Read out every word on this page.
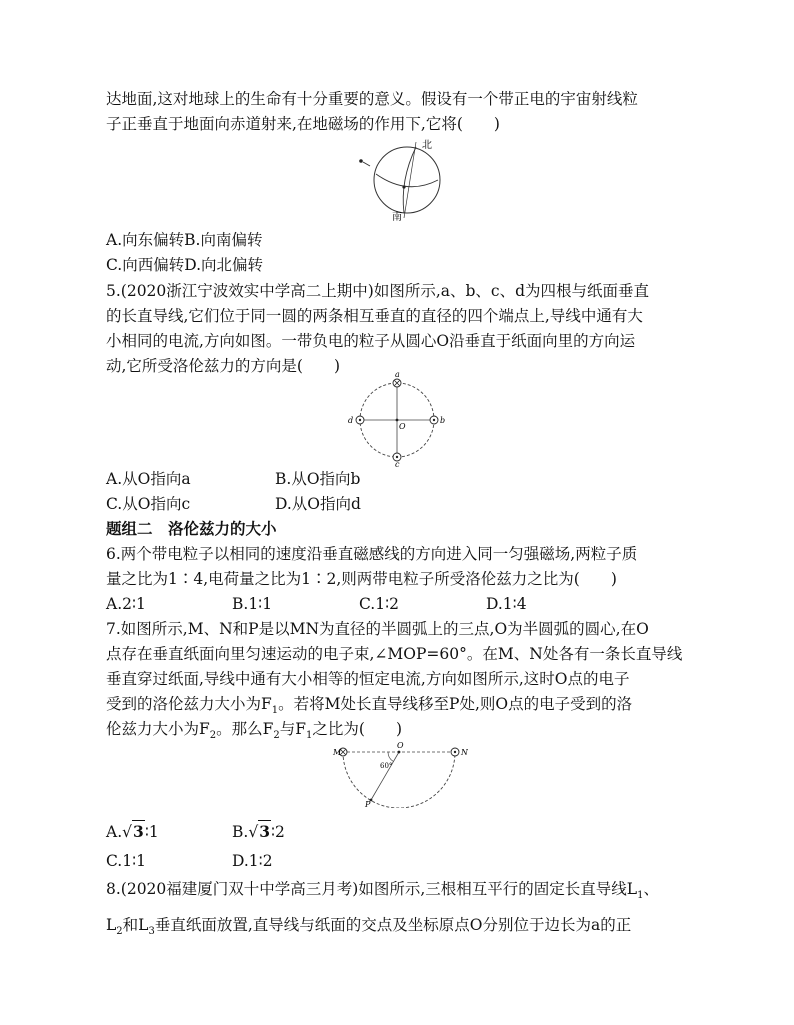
达地面,这对地球上的生命有十分重要的意义。假设有一个带正电的宇宙射线粒
子正垂直于地面向赤道射来,在地磁场的作用下,它将(　　)
北
南
A.向东偏转B.向南偏转
C.向西偏转D.向北偏转
5.(2020浙江宁波效实中学高二上期中)如图所示,a、b、c、d为四根与纸面垂直
的长直导线,它们位于同一圆的两条相互垂直的直径的四个端点上,导线中通有大
小相同的电流,方向如图。一带负电的粒子从圆心O沿垂直于纸面向里的方向运
动,它所受洛伦兹力的方向是(　　)	a
b
c
d
O
A.从O指向a	B.从O指向b
C.从O指向c	D.从O指向d
题组二　洛伦兹力的大小
6.两个带电粒子以相同的速度沿垂直磁感线的方向进入同一匀强磁场,两粒子质
量之比为1∶4,电荷量之比为1∶2,则两带电粒子所受洛伦兹力之比为(　　)
A.2∶1	B.1∶1	C.1∶2	D.1∶4
7.如图所示,M、N和P是以MN为直径的半圆弧上的三点,O为半圆弧的圆心,在O
点存在垂直纸面向里匀速运动的电子束,∠MOP=60°。在M、N处各有一条长直导线
垂直穿过纸面,导线中通有大小相等的恒定电流,方向如图所示,这时O点的电子
受到的洛伦兹力大小为$F_1$。若将M处长直导线移至P处,则O点的电子受到的洛
伦兹力大小为$F_2$。那么$F_2$与$F_1$之比为(　　)
M	N
O
P
60°
A.√3∶1	B.√3∶2
C.1∶1	D.1∶2
8.(2020福建厦门双十中学高三月考)如图所示,三根相互平行的固定长直导线$L_1$、
$L_2$和$L_3$垂直纸面放置,直导线与纸面的交点及坐标原点O分别位于边长为a的正
